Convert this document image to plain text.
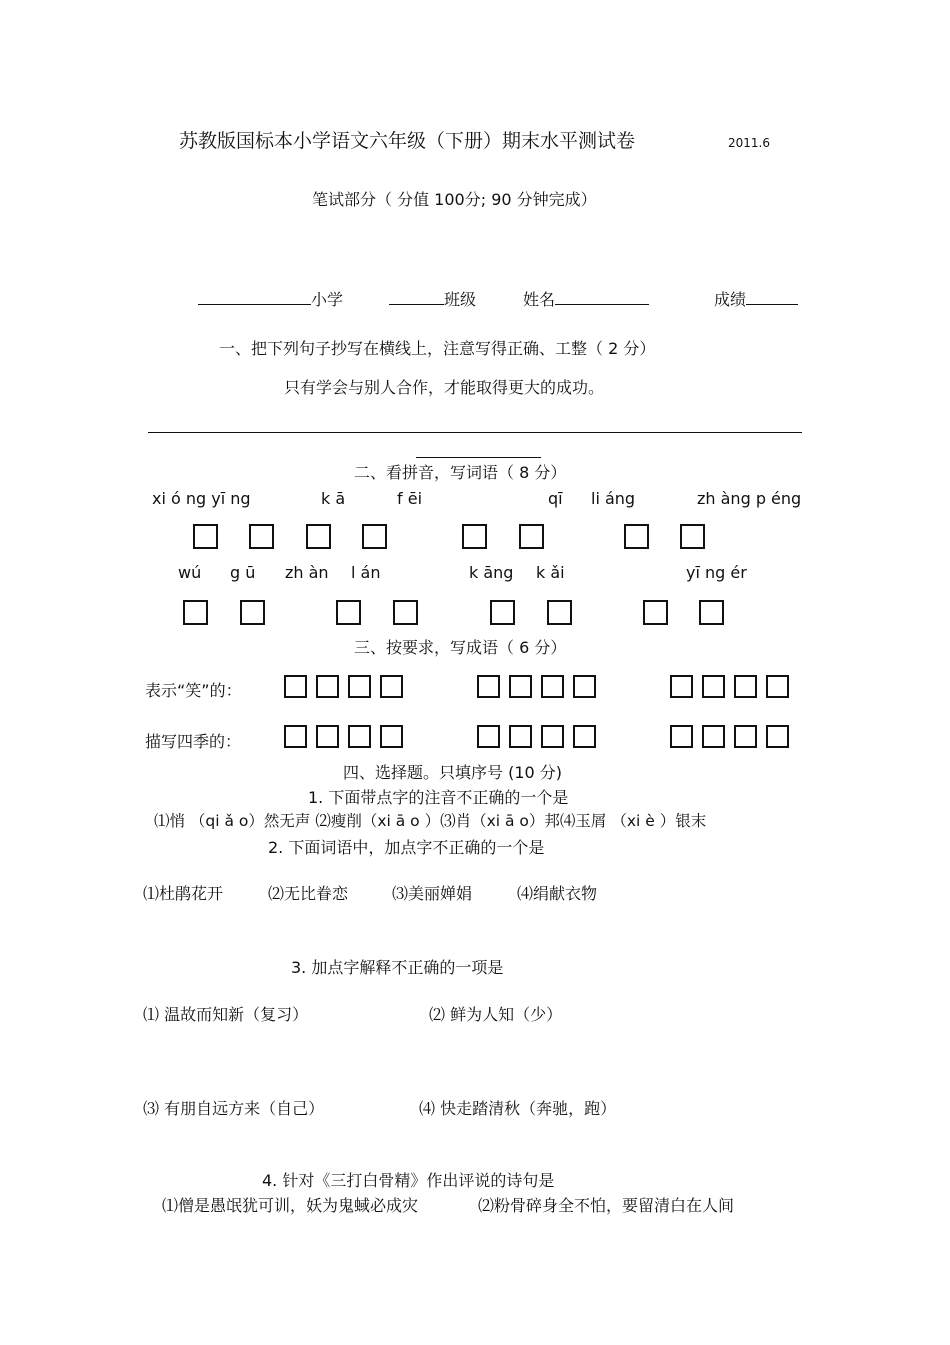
苏教版国标本小学语文六年级（下册）期末水平测试卷	2011.6
笔试部分（ 分值 100分; 90 分钟完成）
小学	班级	姓名	成绩
一、把下列句子抄写在横线上，注意写得正确、工整（ 2 分）
只有学会与别人合作，才能取得更大的成功。
二、看拼音，写词语（ 8 分）
xi ó ng yī ng	k ā	f ēi	qī li áng	zh àng p éng
wú g ū zh àn l án	k āng k ǎi	yī ng ér
三、按要求，写成语（ 6 分）
表示“笑”的：
描写四季的：
四、选择题。只填序号 (10 分)
1. 下面带点字的注音不正确的一个是
⑴悄 （qi ǎ o）然无声 ⑵瘦削（xi ā o ）⑶肖（xi ā o）邦⑷玉屑 （xi è ）银末
2. 下面词语中，加点字不正确的一个是
⑴杜鹃花开	⑵无比眷恋	⑶美丽婵娟	⑷绢献衣物
3. 加点字解释不正确的一项是
⑴ 温故而知新（复习）	⑵ 鲜为人知（少）
⑶ 有朋自远方来（自己）	⑷ 快走踏清秋（奔驰，跑）
4. 针对《三打白骨精》作出评说的诗句是
⑴僧是愚氓犹可训，妖为鬼蜮必成灾	⑵粉骨碎身全不怕，要留清白在人间
